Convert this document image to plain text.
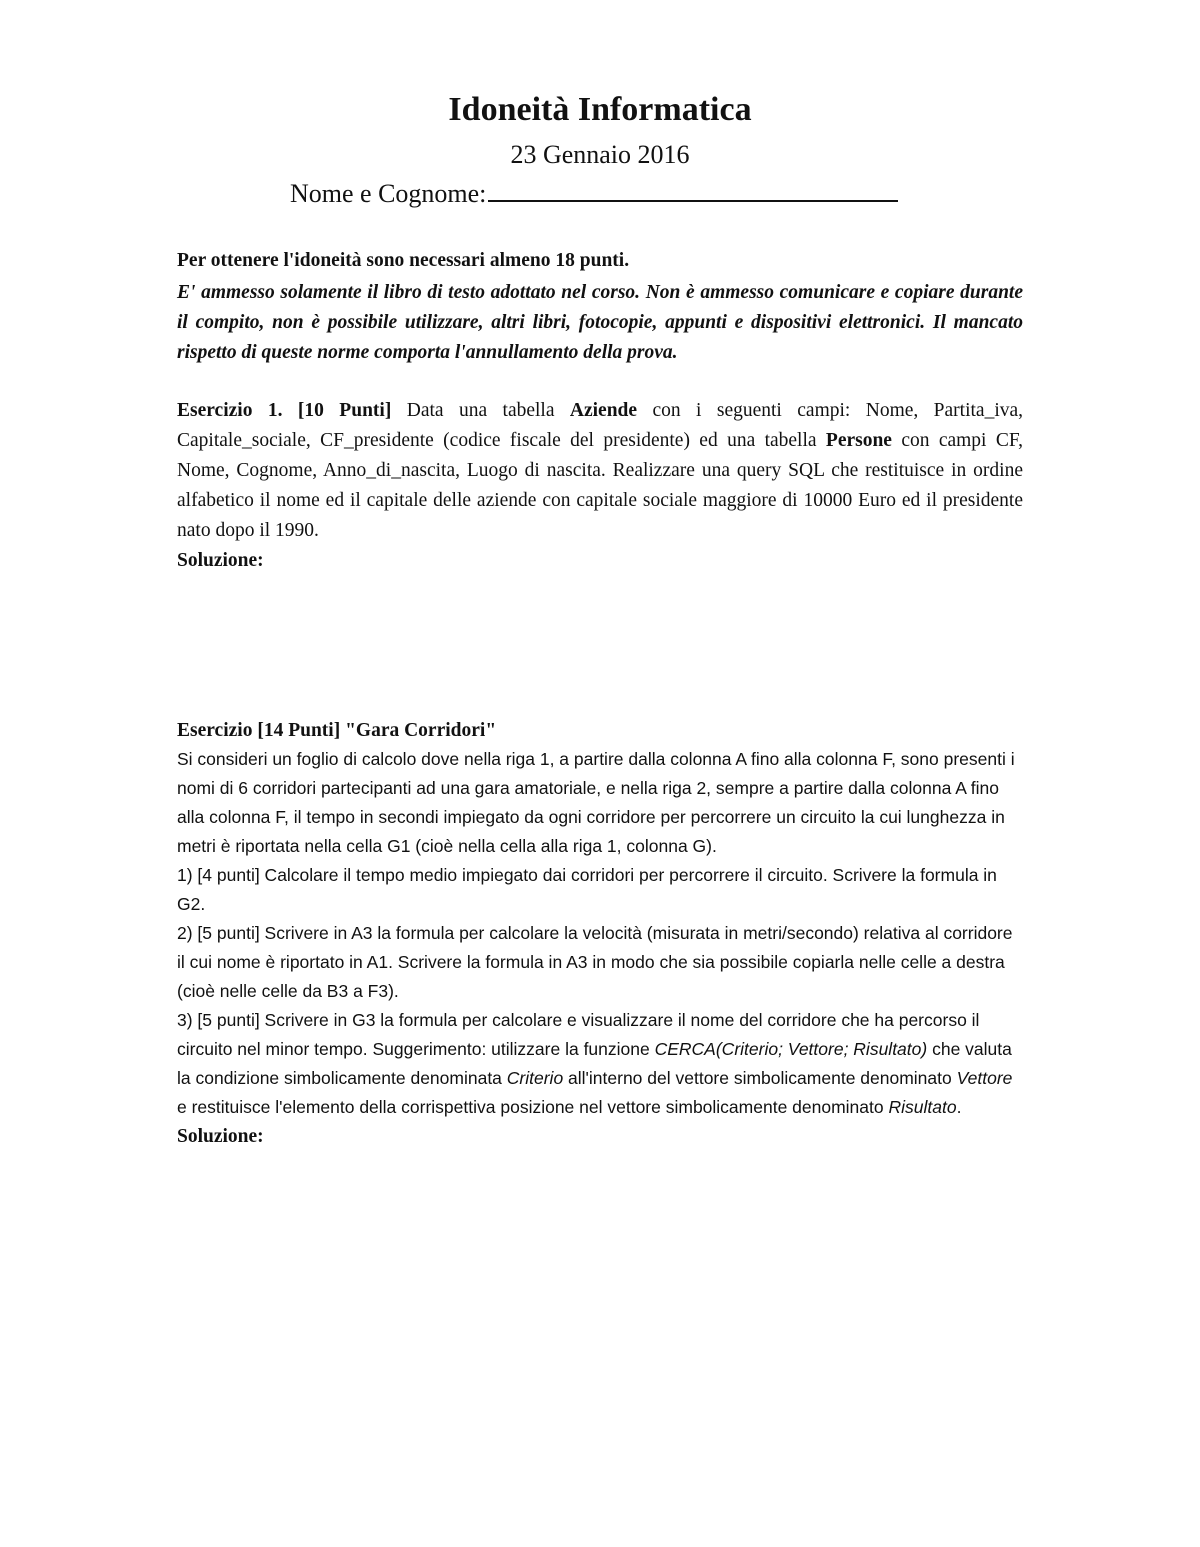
Idoneità Informatica
23 Gennaio 2016
Nome e Cognome:
Per ottenere l'idoneità sono necessari almeno 18 punti.
E' ammesso solamente il libro di testo adottato nel corso. Non è ammesso comunicare e copiare durante il compito, non è possibile utilizzare, altri libri, fotocopie, appunti e dispositivi elettronici. Il mancato rispetto di queste norme comporta l'annullamento della prova.
Esercizio 1. [10 Punti] Data una tabella Aziende con i seguenti campi: Nome, Partita_iva, Capitale_sociale, CF_presidente (codice fiscale del presidente) ed una tabella Persone con campi CF, Nome, Cognome, Anno_di_nascita, Luogo di nascita. Realizzare una query SQL che restituisce in ordine alfabetico il nome ed il capitale delle aziende con capitale sociale maggiore di 10000 Euro ed il presidente nato dopo il 1990.
Soluzione:

Esercizio [14 Punti] "Gara Corridori"

Si consideri un foglio di calcolo dove nella riga 1, a partire dalla colonna A fino alla colonna F, sono presenti i nomi di 6 corridori partecipanti ad una gara amatoriale, e nella riga 2, sempre a partire dalla colonna A fino alla colonna F, il tempo in secondi impiegato da ogni corridore per percorrere un circuito la cui lunghezza in metri è riportata nella cella G1 (cioè nella cella alla riga 1, colonna G).

1) [4 punti] Calcolare il tempo medio impiegato dai corridori per percorrere il circuito. Scrivere la formula in G2.

2) [5 punti] Scrivere in A3 la formula per calcolare la velocità (misurata in metri/secondo) relativa al corridore il cui nome è riportato in A1. Scrivere la formula in A3 in modo che sia possibile copiarla nelle celle a destra (cioè nelle celle da B3 a F3).

3) [5 punti] Scrivere in G3 la formula per calcolare e visualizzare il nome del corridore che ha percorso il circuito nel minor tempo. Suggerimento: utilizzare la funzione CERCA(Criterio; Vettore; Risultato) che valuta la condizione simbolicamente denominata Criterio all'interno del vettore simbolicamente denominato Vettore e restituisce l'elemento della corrispettiva posizione nel vettore simbolicamente denominato Risultato.

Soluzione:
